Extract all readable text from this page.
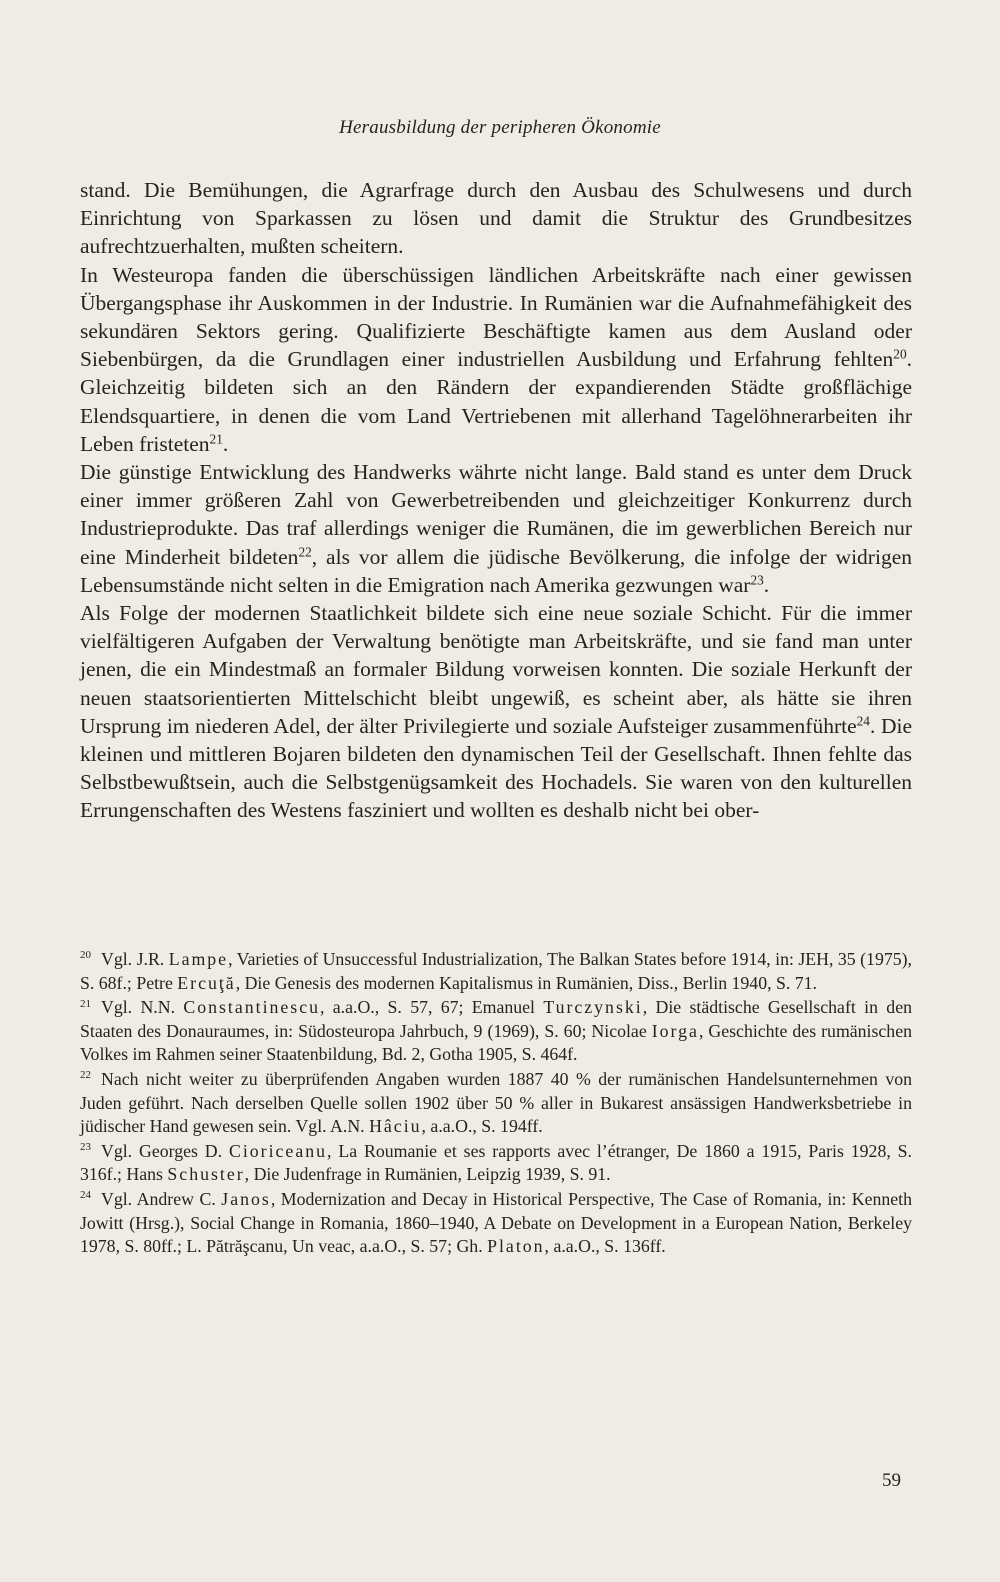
Herausbildung der peripheren Ökonomie

stand. Die Bemühungen, die Agrarfrage durch den Ausbau des Schulwesens und durch Einrichtung von Sparkassen zu lösen und damit die Struktur des Grundbesitzes aufrechtzuerhalten, mußten scheitern.

In Westeuropa fanden die überschüssigen ländlichen Arbeitskräfte nach einer gewissen Übergangsphase ihr Auskommen in der Industrie. In Rumänien war die Aufnahmefähigkeit des sekundären Sektors gering. Qualifizierte Beschäftigte kamen aus dem Ausland oder Siebenbürgen, da die Grundlagen einer industriellen Ausbildung und Erfahrung fehlten$^{20}$. Gleichzeitig bildeten sich an den Rändern der expandierenden Städte großflächige Elendsquartiere, in denen die vom Land Vertriebenen mit allerhand Tagelöhnerarbeiten ihr Leben fristeten$^{21}$.

Die günstige Entwicklung des Handwerks währte nicht lange. Bald stand es unter dem Druck einer immer größeren Zahl von Gewerbetreibenden und gleichzeitiger Konkurrenz durch Industrieprodukte. Das traf allerdings weniger die Rumänen, die im gewerblichen Bereich nur eine Minderheit bildeten$^{22}$, als vor allem die jüdische Bevölkerung, die infolge der widrigen Lebensumstände nicht selten in die Emigration nach Amerika gezwungen war$^{23}$.

Als Folge der modernen Staatlichkeit bildete sich eine neue soziale Schicht. Für die immer vielfältigeren Aufgaben der Verwaltung benötigte man Arbeitskräfte, und sie fand man unter jenen, die ein Mindestmaß an formaler Bildung vorweisen konnten. Die soziale Herkunft der neuen staatsorientierten Mittelschicht bleibt ungewiß, es scheint aber, als hätte sie ihren Ursprung im niederen Adel, der älter Privilegierte und soziale Aufsteiger zusammenführte$^{24}$. Die kleinen und mittleren Bojaren bildeten den dynamischen Teil der Gesellschaft. Ihnen fehlte das Selbstbewußtsein, auch die Selbstgenügsamkeit des Hochadels. Sie waren von den kulturellen Errungenschaften des Westens fasziniert und wollten es deshalb nicht bei ober-

$^{20}$ Vgl. J.R. Lampe, Varieties of Unsuccessful Industrialization, The Balkan States before 1914, in: JEH, 35 (1975), S. 68f.; Petre Ercuţă, Die Genesis des modernen Kapitalismus in Rumänien, Diss., Berlin 1940, S. 71.
$^{21}$ Vgl. N.N. Constantinescu, a.a.O., S. 57, 67; Emanuel Turczynski, Die städtische Gesellschaft in den Staaten des Donauraumes, in: Südosteuropa Jahrbuch, 9 (1969), S. 60; Nicolae Iorga, Geschichte des rumänischen Volkes im Rahmen seiner Staatenbildung, Bd. 2, Gotha 1905, S. 464f.
$^{22}$ Nach nicht weiter zu überprüfenden Angaben wurden 1887 40 % der rumänischen Handelsunternehmen von Juden geführt. Nach derselben Quelle sollen 1902 über 50 % aller in Bukarest ansässigen Handwerksbetriebe in jüdischer Hand gewesen sein. Vgl. A.N. Hâciu, a.a.O., S. 194ff.
$^{23}$ Vgl. Georges D. Cioriceanu, La Roumanie et ses rapports avec l’étranger, De 1860 a 1915, Paris 1928, S. 316f.; Hans Schuster, Die Judenfrage in Rumänien, Leipzig 1939, S. 91.
$^{24}$ Vgl. Andrew C. Janos, Modernization and Decay in Historical Perspective, The Case of Romania, in: Kenneth Jowitt (Hrsg.), Social Change in Romania, 1860–1940, A Debate on Development in a European Nation, Berkeley 1978, S. 80ff.; L. Pătrăşcanu, Un veac, a.a.O., S. 57; Gh. Platon, a.a.O., S. 136ff.
59
